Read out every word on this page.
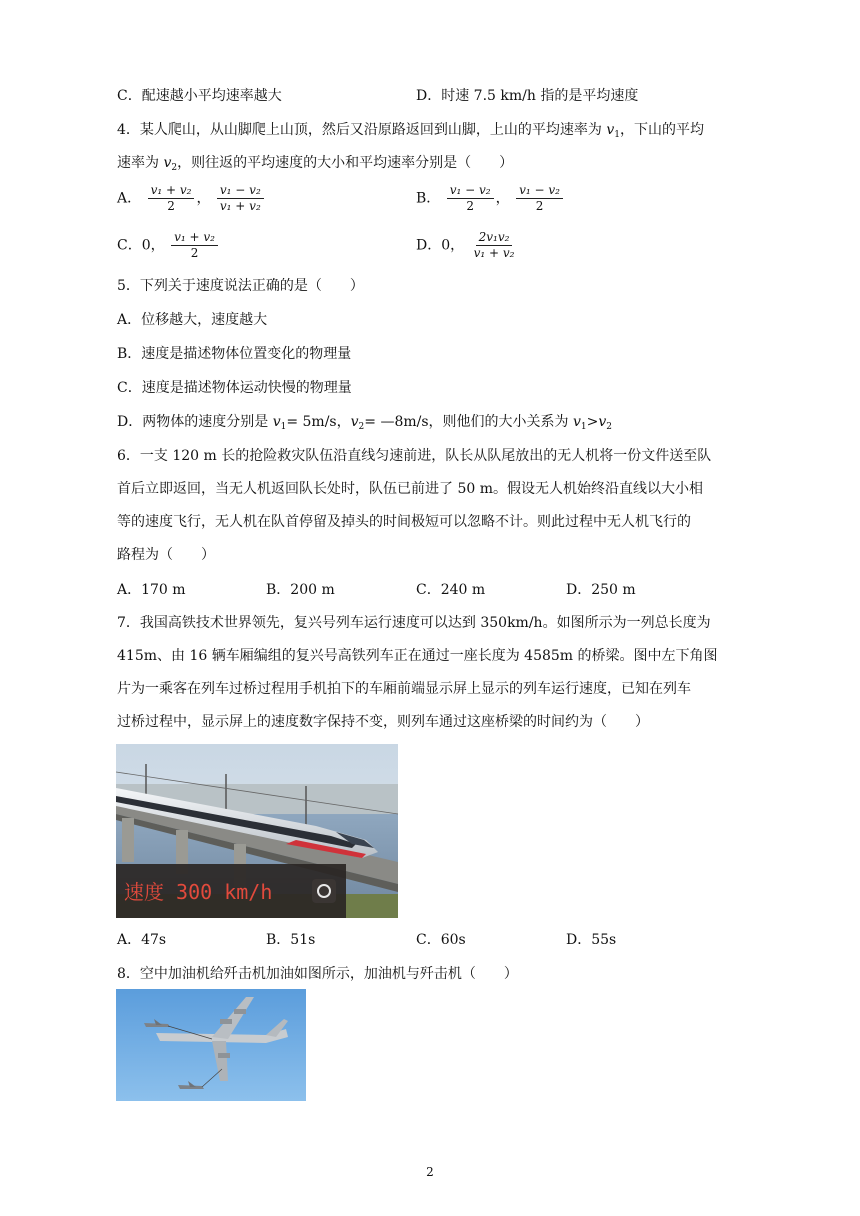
C．配速越小平均速率越大	D．时速 7.5 km/h 指的是平均速度
4．某人爬山，从山脚爬上山顶，然后又沿原路返回到山脚，上山的平均速率为 $v_1$，下山的平均
速率为 $v_2$，则往返的平均速度的大小和平均速率分别是（　　）
A． $\frac{\text{v₁ + v₂}}{2}$ ， $\frac{\text{v₁ − v₂}}{\text{v₁ + v₂}}$	B． $\frac{\text{v₁ − v₂}}{2}$ ， $\frac{\text{v₁ − v₂}}{2}$
C．0， $\frac{\text{v₁ + v₂}}{2}$	D．0， $\frac{\text{2v₁v₂}}{\text{v₁ + v₂}}$
5．下列关于速度说法正确的是（　　）
A．位移越大，速度越大
B．速度是描述物体位置变化的物理量
C．速度是描述物体运动快慢的物理量
D．两物体的速度分别是 $v_1= 5m/s$，$v_2=$ —8m/s，则他们的大小关系为 $v_1>v_2$
6．一支 120 m 长的抢险救灾队伍沿直线匀速前进，队长从队尾放出的无人机将一份文件送至队
首后立即返回，当无人机返回队长处时，队伍已前进了 50 m。假设无人机始终沿直线以大小相
等的速度飞行，无人机在队首停留及掉头的时间极短可以忽略不计。则此过程中无人机飞行的
路程为（　　）
A．170 m	B．200 m	C．240 m	D．250 m
7．我国高铁技术世界领先，复兴号列车运行速度可以达到 350km/h。如图所示为一列总长度为
415m、由 16 辆车厢编组的复兴号高铁列车正在通过一座长度为 4585m 的桥梁。图中左下角图
片为一乘客在列车过桥过程用手机拍下的车厢前端显示屏上显示的列车运行速度，已知在列车
过桥过程中，显示屏上的速度数字保持不变，则列车通过这座桥梁的时间约为（　　）
速度 300 km/h
A．47s	B．51s	C．60s	D．55s
8．空中加油机给歼击机加油如图所示，加油机与歼击机（　　）
2
